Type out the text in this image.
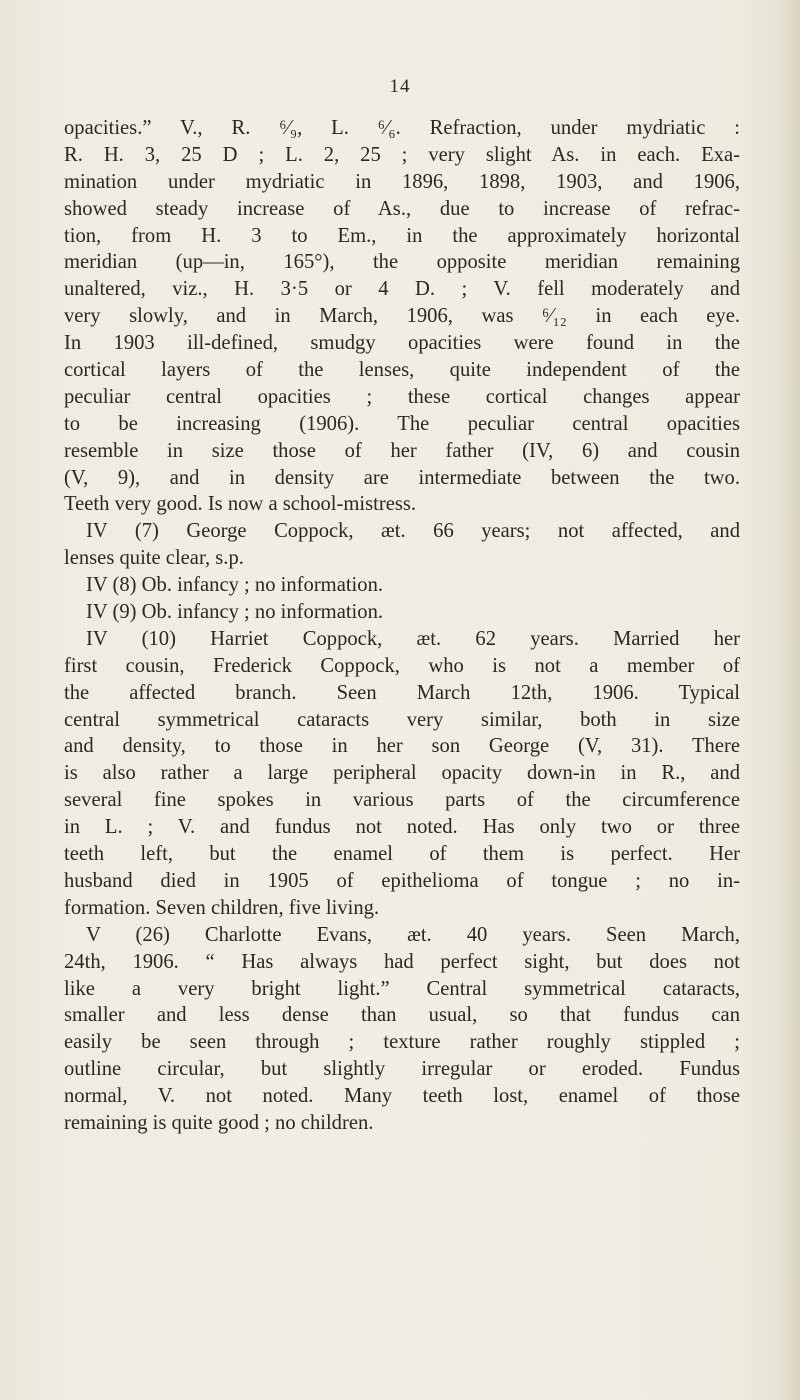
14
opacities.” V., R. ⁶⁄₉, L. ⁶⁄₆. Refraction, under mydriatic :
R. H. 3, 25 D ; L. 2, 25 ; very slight As. in each. Exa-
mination under mydriatic in 1896, 1898, 1903, and 1906,
showed steady increase of As., due to increase of refrac-
tion, from H. 3 to Em., in the approximately horizontal
meridian (up—in, 165°), the opposite meridian remaining
unaltered, viz., H. 3·5 or 4 D. ; V. fell moderately and
very slowly, and in March, 1906, was ⁶⁄₁₂ in each eye.
In 1903 ill-defined, smudgy opacities were found in the
cortical layers of the lenses, quite independent of the
peculiar central opacities ; these cortical changes appear
to be increasing (1906). The peculiar central opacities
resemble in size those of her father (IV, 6) and cousin
(V, 9), and in density are intermediate between the two.
Teeth very good. Is now a school-mistress.
IV (7) George Coppock, æt. 66 years; not affected, and
lenses quite clear, s.p.
IV (8) Ob. infancy ; no information.
IV (9) Ob. infancy ; no information.
IV (10) Harriet Coppock, æt. 62 years. Married her
first cousin, Frederick Coppock, who is not a member of
the affected branch. Seen March 12th, 1906. Typical
central symmetrical cataracts very similar, both in size
and density, to those in her son George (V, 31). There
is also rather a large peripheral opacity down-in in R., and
several fine spokes in various parts of the circumference
in L. ; V. and fundus not noted. Has only two or three
teeth left, but the enamel of them is perfect. Her
husband died in 1905 of epithelioma of tongue ; no in-
formation. Seven children, five living.
V (26) Charlotte Evans, æt. 40 years. Seen March,
24th, 1906. “ Has always had perfect sight, but does not
like a very bright light.” Central symmetrical cataracts,
smaller and less dense than usual, so that fundus can
easily be seen through ; texture rather roughly stippled ;
outline circular, but slightly irregular or eroded. Fundus
normal, V. not noted. Many teeth lost, enamel of those
remaining is quite good ; no children.
